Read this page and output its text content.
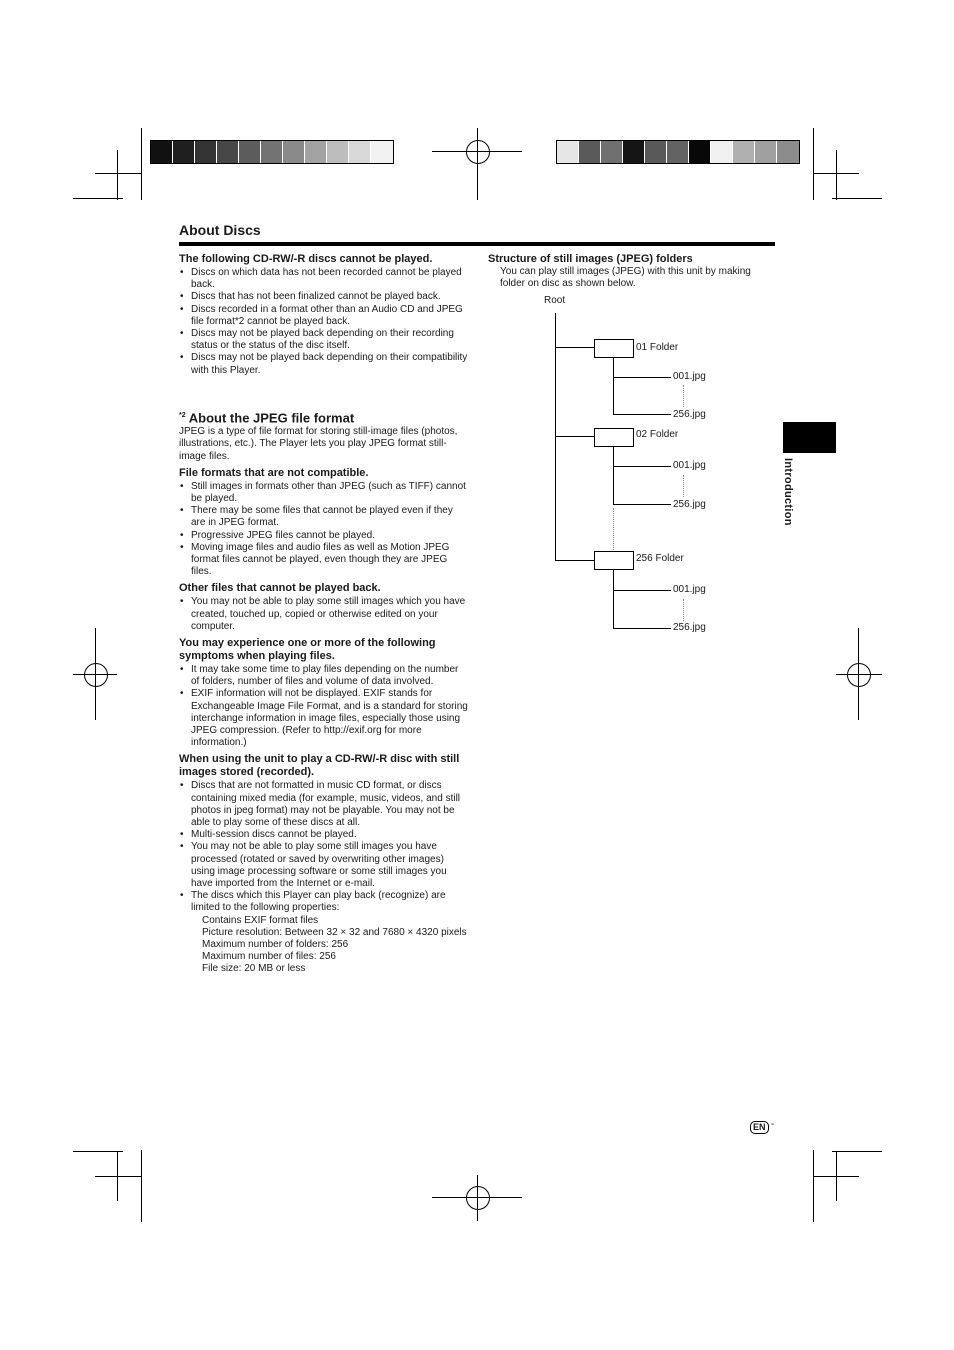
About Discs
The following CD-RW/-R discs cannot be played.
• Discs on which data has not been recorded cannot be played back.
• Discs that has not been finalized cannot be played back.
• Discs recorded in a format other than an Audio CD and JPEG file format*2 cannot be played back.
• Discs may not be played back depending on their recording status or the status of the disc itself.
• Discs may not be played back depending on their compatibility with this Player.
$^{*2}$ About the JPEG file format

JPEG is a type of file format for storing still-image files (photos, illustrations, etc.). The Player lets you play JPEG format still-image files.

File formats that are not compatible.
• Still images in formats other than JPEG (such as TIFF) cannot be played.
• There may be some files that cannot be played even if they are in JPEG format.
• Progressive JPEG files cannot be played.
• Moving image files and audio files as well as Motion JPEG format files cannot be played, even though they are JPEG files.
Other files that cannot be played back.
• You may not be able to play some still images which you have created, touched up, copied or otherwise edited on your computer.
You may experience one or more of the following symptoms when playing files.
• It may take some time to play files depending on the number of folders, number of files and volume of data involved.
• EXIF information will not be displayed. EXIF stands for Exchangeable Image File Format, and is a standard for storing interchange information in image files, especially those using JPEG compression. (Refer to http://exif.org for more information.)
When using the unit to play a CD-RW/-R disc with still images stored (recorded).
• Discs that are not formatted in music CD format, or discs containing mixed media (for example, music, videos, and still photos in jpeg format) may not be playable. You may not be able to play some of these discs at all.
• Multi-session discs cannot be played.
• You may not be able to play some still images you have processed (rotated or saved by overwriting other images) using image processing software or some still images you have imported from the Internet or e-mail.
• The discs which this Player can play back (recognize) are limited to the following properties:

Contains EXIF format files

Picture resolution: Between 32 × 32 and 7680 × 4320 pixels

Maximum number of folders: 256

Maximum number of files: 256

File size: 20 MB or less

Structure of still images (JPEG) folders

You can play still images (JPEG) with this unit by making folder on disc as shown below.

Root
01 Folder
001.jpg
256.jpg
02 Folder
001.jpg
256.jpg
256 Folder
001.jpg
256.jpg
Introduction
EN -
